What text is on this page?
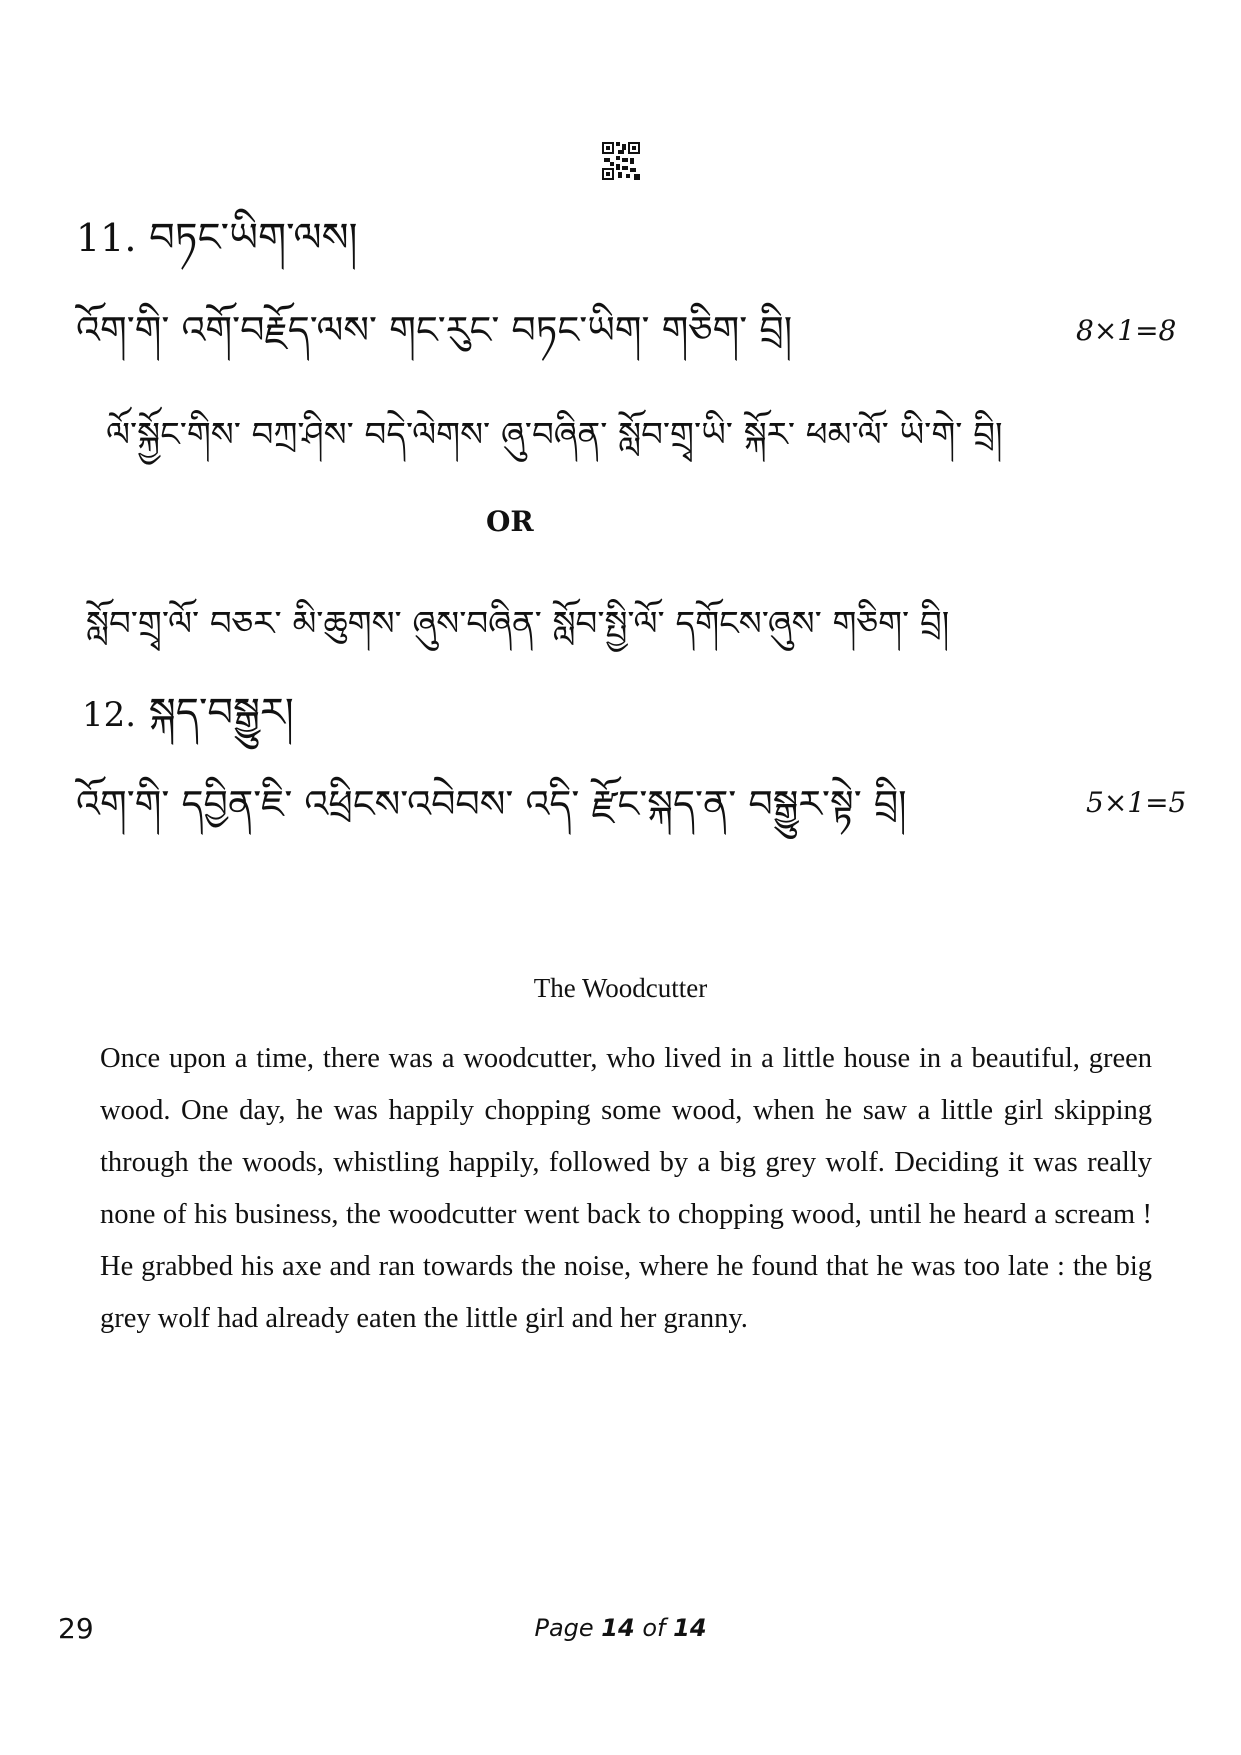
11. བཏང་ཡིག་ལས།
འོག་གི་ འགོ་བརྗོད་ལས་ གང་རུང་ བཏང་ཡིག་ གཅིག་ བྲི།	8×1=8
ལོ་སྐྱོང་གིས་ བཀྲ་ཤིས་ བདེ་ལེགས་ ཞུ་བཞིན་ སློབ་གྲྭ་ཡི་ སྐོར་ ཕམ་ལོ་ ཡི་གེ་ བྲི།
OR
སློབ་གྲྭ་ལོ་ བཅར་ མི་ཆུགས་ ཞུས་བཞིན་ སློབ་སྤྱི་ལོ་ དགོངས་ཞུས་ གཅིག་ བྲི།
12. སྐད་བསྒྱུར།
འོག་གི་ དབྱིན་ཇི་ འཕྲིངས་འབེབས་ འདི་ རྫོང་སྐད་ན་ བསྒྱུར་སྟེ་ བྲི།	5×1=5
The Woodcutter
Once upon a time, there was a woodcutter, who lived in a little house in a beautiful, green wood. One day, he was happily chopping some wood, when he saw a little girl skipping through the woods, whistling happily, followed by a big grey wolf. Deciding it was really none of his business, the woodcutter went back to chopping wood, until he heard a scream ! He grabbed his axe and ran towards the noise, where he found that he was too late : the big grey wolf had already eaten the little girl and her granny.
29	Page 14 of 14
